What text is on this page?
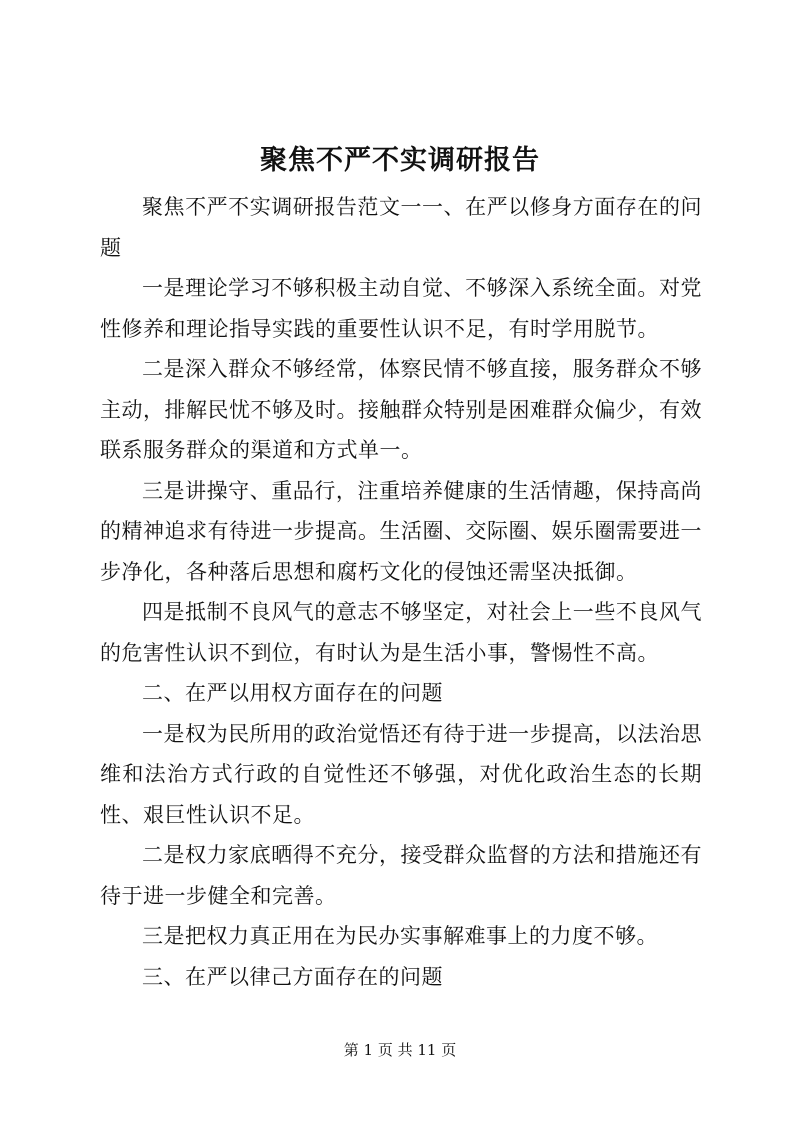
聚焦不严不实调研报告

聚焦不严不实调研报告范文一一、在严以修身方面存在的问题

一是理论学习不够积极主动自觉、不够深入系统全面。对党性修养和理论指导实践的重要性认识不足，有时学用脱节。

二是深入群众不够经常，体察民情不够直接，服务群众不够主动，排解民忧不够及时。接触群众特别是困难群众偏少，有效联系服务群众的渠道和方式单一。

三是讲操守、重品行，注重培养健康的生活情趣，保持高尚的精神追求有待进一步提高。生活圈、交际圈、娱乐圈需要进一步净化，各种落后思想和腐朽文化的侵蚀还需坚决抵御。

四是抵制不良风气的意志不够坚定，对社会上一些不良风气的危害性认识不到位，有时认为是生活小事，警惕性不高。

二、在严以用权方面存在的问题

一是权为民所用的政治觉悟还有待于进一步提高，以法治思维和法治方式行政的自觉性还不够强，对优化政治生态的长期性、艰巨性认识不足。

二是权力家底晒得不充分，接受群众监督的方法和措施还有待于进一步健全和完善。

三是把权力真正用在为民办实事解难事上的力度不够。

三、在严以律己方面存在的问题

第 1 页 共 11 页
